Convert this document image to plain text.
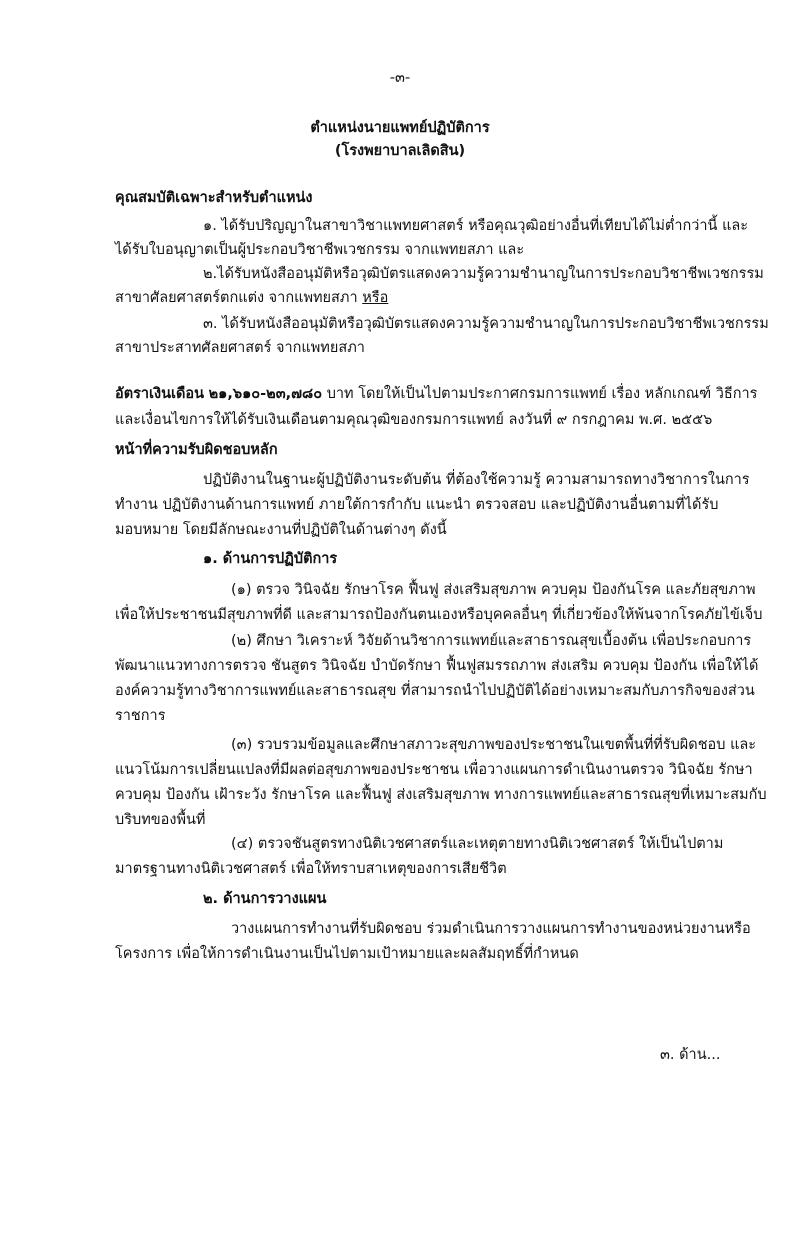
-๓-
ตำแหน่งนายแพทย์ปฏิบัติการ
(โรงพยาบาลเลิดสิน)
คุณสมบัติเฉพาะสำหรับตำแหน่ง
๑. ได้รับปริญญาในสาขาวิชาแพทยศาสตร์ หรือคุณวุฒิอย่างอื่นที่เทียบได้ไม่ต่ำกว่านี้ และ
ได้รับใบอนุญาตเป็นผู้ประกอบวิชาชีพเวชกรรม จากแพทยสภา และ
๒.ได้รับหนังสืออนุมัติหรือวุฒิบัตรแสดงความรู้ความชำนาญในการประกอบวิชาชีพเวชกรรม
สาขาศัลยศาสตร์ตกแต่ง จากแพทยสภา หรือ
๓. ได้รับหนังสืออนุมัติหรือวุฒิบัตรแสดงความรู้ความชำนาญในการประกอบวิชาชีพเวชกรรม
สาขาประสาทศัลยศาสตร์ จากแพทยสภา
อัตราเงินเดือน ๒๑,๖๑๐-๒๓,๗๘๐ บาท โดยให้เป็นไปตามประกาศกรมการแพทย์ เรื่อง หลักเกณฑ์ วิธีการ
และเงื่อนไขการให้ได้รับเงินเดือนตามคุณวุฒิของกรมการแพทย์ ลงวันที่ ๙ กรกฎาคม พ.ศ. ๒๕๕๖
หน้าที่ความรับผิดชอบหลัก
ปฏิบัติงานในฐานะผู้ปฏิบัติงานระดับต้น ที่ต้องใช้ความรู้ ความสามารถทางวิชาการในการ
ทำงาน ปฏิบัติงานด้านการแพทย์ ภายใต้การกำกับ แนะนำ ตรวจสอบ และปฏิบัติงานอื่นตามที่ได้รับ
มอบหมาย โดยมีลักษณะงานที่ปฏิบัติในด้านต่างๆ ดังนี้
๑. ด้านการปฏิบัติการ
(๑) ตรวจ วินิจฉัย รักษาโรค ฟื้นฟู ส่งเสริมสุขภาพ ควบคุม ป้องกันโรค และภัยสุขภาพ
เพื่อให้ประชาชนมีสุขภาพที่ดี และสามารถป้องกันตนเองหรือบุคคลอื่นๆ ที่เกี่ยวข้องให้พ้นจากโรคภัยไข้เจ็บ
(๒) ศึกษา วิเคราะห์ วิจัยด้านวิชาการแพทย์และสาธารณสุขเบื้องต้น เพื่อประกอบการ
พัฒนาแนวทางการตรวจ ชันสูตร วินิจฉัย บำบัดรักษา ฟื้นฟูสมรรถภาพ ส่งเสริม ควบคุม ป้องกัน เพื่อให้ได้
องค์ความรู้ทางวิชาการแพทย์และสาธารณสุข ที่สามารถนำไปปฏิบัติได้อย่างเหมาะสมกับภารกิจของส่วน
ราชการ
(๓) รวบรวมข้อมูลและศึกษาสภาวะสุขภาพของประชาชนในเขตพื้นที่ที่รับผิดชอบ และ
แนวโน้มการเปลี่ยนแปลงที่มีผลต่อสุขภาพของประชาชน เพื่อวางแผนการดำเนินงานตรวจ วินิจฉัย รักษา
ควบคุม ป้องกัน เฝ้าระวัง รักษาโรค และฟื้นฟู ส่งเสริมสุขภาพ ทางการแพทย์และสาธารณสุขที่เหมาะสมกับ
บริบทของพื้นที่
(๔) ตรวจชันสูตรทางนิติเวชศาสตร์และเหตุตายทางนิติเวชศาสตร์ ให้เป็นไปตาม
มาตรฐานทางนิติเวชศาสตร์ เพื่อให้ทราบสาเหตุของการเสียชีวิต
๒. ด้านการวางแผน
วางแผนการทำงานที่รับผิดชอบ ร่วมดำเนินการวางแผนการทำงานของหน่วยงานหรือ
โครงการ เพื่อให้การดำเนินงานเป็นไปตามเป้าหมายและผลสัมฤทธิ์ที่กำหนด
๓. ด้าน...
